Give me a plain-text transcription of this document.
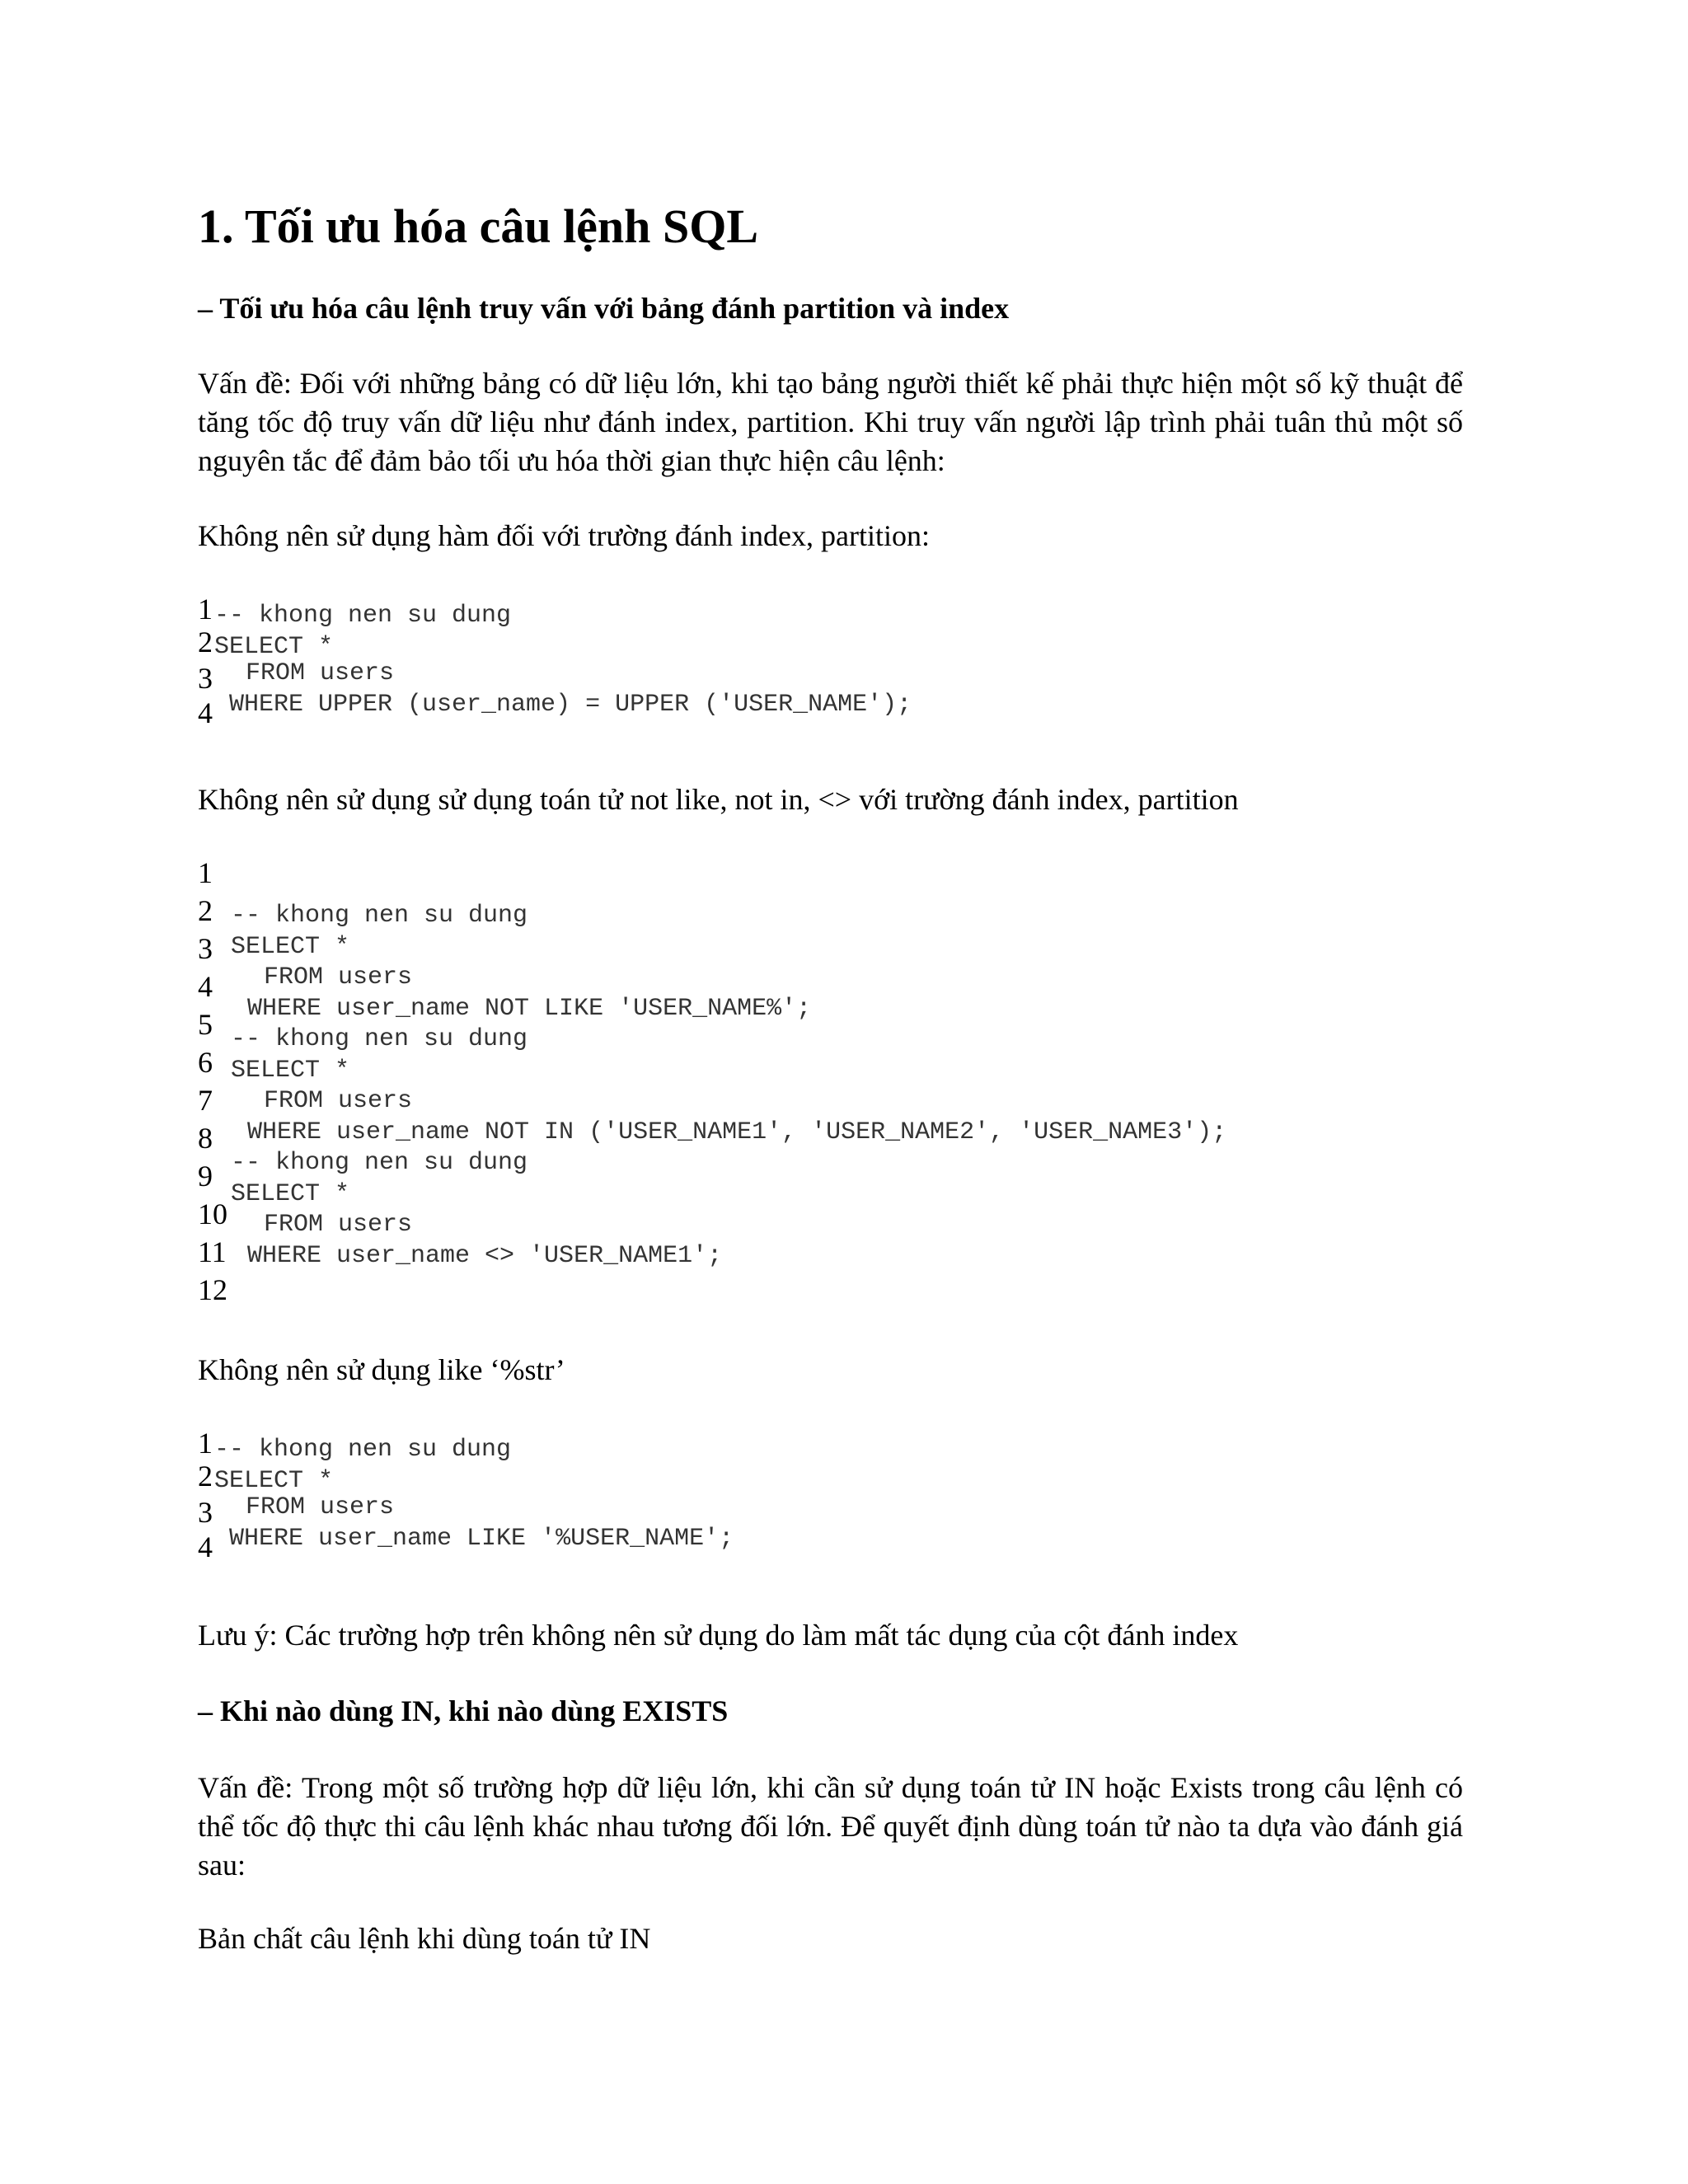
1. Tối ưu hóa câu lệnh SQL
– Tối ưu hóa câu lệnh truy vấn với bảng đánh partition và index
Vấn đề: Đối với những bảng có dữ liệu lớn, khi tạo bảng người thiết kế phải thực hiện một số kỹ thuật để tăng tốc độ truy vấn dữ liệu như đánh index, partition. Khi truy vấn người lập trình phải tuân thủ một số nguyên tắc để đảm bảo tối ưu hóa thời gian thực hiện câu lệnh:
Không nên sử dụng hàm đối với trường đánh index, partition:
1 -- khong nen su dung
2 SELECT *
3 FROM users
4 WHERE UPPER (user_name) = UPPER ('USER_NAME');
Không nên sử dụng sử dụng toán tử not like, not in, <> với trường đánh index, partition
1
2
3
4
5
6
7
8
9
10
11
12
-- khong nen su dung
SELECT *
FROM users
WHERE user_name NOT LIKE 'USER_NAME%';
-- khong nen su dung
SELECT *
FROM users
WHERE user_name NOT IN ('USER_NAME1', 'USER_NAME2', 'USER_NAME3');
-- khong nen su dung
SELECT *
FROM users
WHERE user_name <> 'USER_NAME1';
Không nên sử dụng like ‘%str’
1 -- khong nen su dung
2 SELECT *
3 FROM users
4 WHERE user_name LIKE '%USER_NAME';
Lưu ý: Các trường hợp trên không nên sử dụng do làm mất tác dụng của cột đánh index
– Khi nào dùng IN, khi nào dùng EXISTS
Vấn đề: Trong một số trường hợp dữ liệu lớn, khi cần sử dụng toán tử IN hoặc Exists trong câu lệnh có thể tốc độ thực thi câu lệnh khác nhau tương đối lớn. Để quyết định dùng toán tử nào ta dựa vào đánh giá sau:
Bản chất câu lệnh khi dùng toán tử IN
